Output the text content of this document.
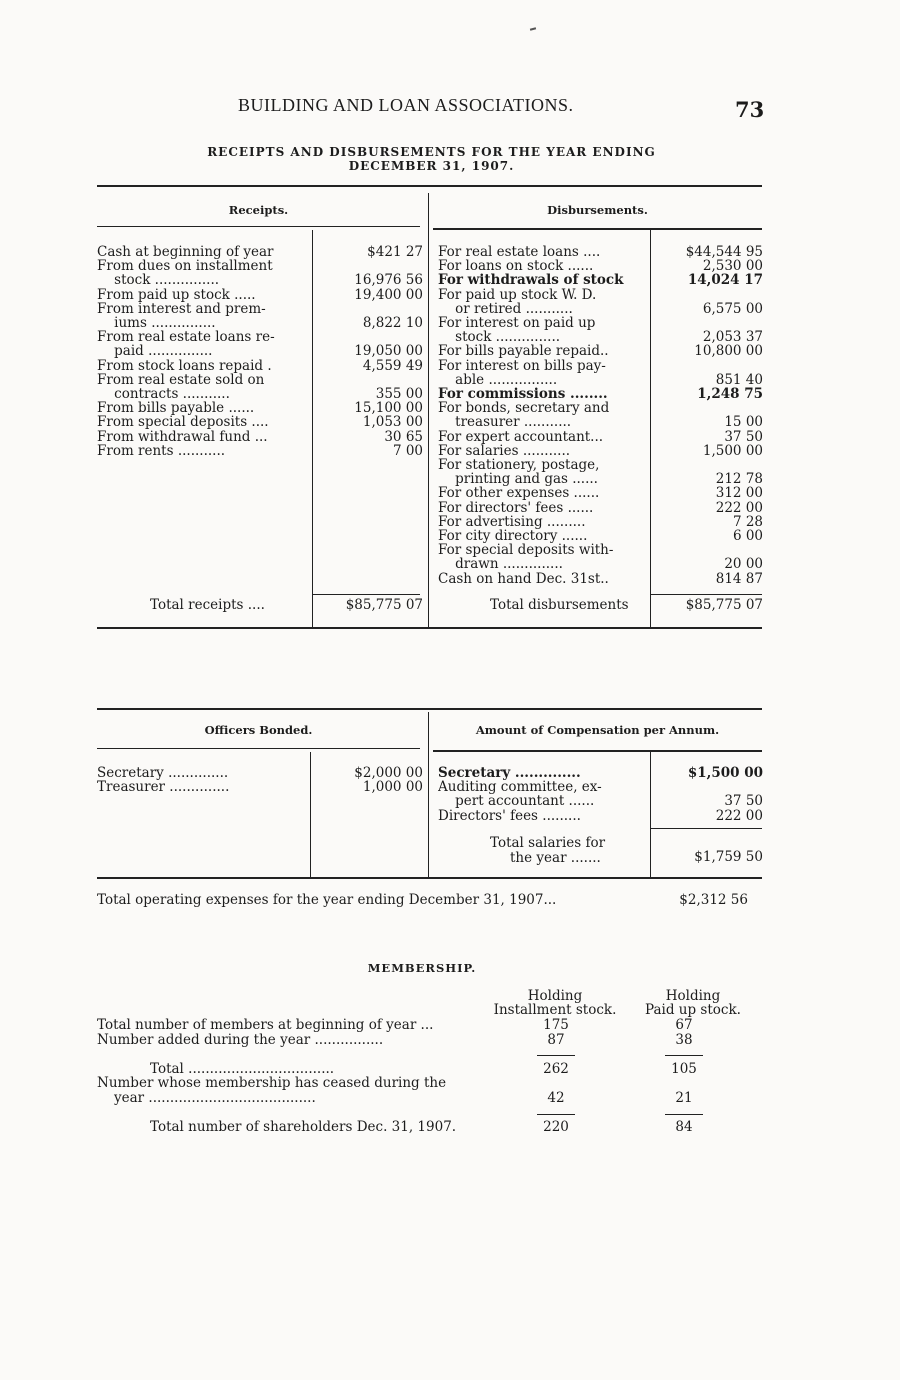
BUILDING AND LOAN ASSOCIATIONS.	73
RECEIPTS AND DISBURSEMENTS FOR THE YEAR ENDING
DECEMBER 31, 1907.
Receipts.	Disbursements.
Cash at beginning of year	$421 27
From dues on installment
stock ...............	16,976 56
From paid up stock .....	19,400 00
From interest and prem-
iums ...............	8,822 10
From real estate loans re-
paid ...............	19,050 00
From stock loans repaid .	4,559 49
From real estate sold on
contracts ...........	355 00
From bills payable ......	15,100 00
From special deposits ....	1,053 00
From withdrawal fund ...	30 65
From rents ...........	7 00
For real estate loans ....	$44,544 95
For loans on stock ......	2,530 00
For withdrawals of stock	14,024 17
For paid up stock W. D.
or retired ...........	6,575 00
For interest on paid up
stock ...............	2,053 37
For bills payable repaid..	10,800 00
For interest on bills pay-
able ................	851 40
For commissions ........	1,248 75
For bonds, secretary and
treasurer ...........	15 00
For expert accountant...	37 50
For salaries ...........	1,500 00
For stationery, postage,
printing and gas ......	212 78
For other expenses ......	312 00
For directors' fees ......	222 00
For advertising .........	7 28
For city directory ......	6 00
For special deposits with-
drawn ..............	20 00
Cash on hand Dec. 31st..	814 87
Total receipts ....	$85,775 07	Total disbursements	$85,775 07
Officers Bonded.	Amount of Compensation per Annum.
Secretary ..............	$2,000 00
Treasurer ..............	1,000 00
Secretary ..............	$1,500 00
Auditing committee, ex-
pert accountant ......	37 50
Directors' fees .........	222 00
Total salaries for
the year .......	$1,759 50
Total operating expenses for the year ending December 31, 1907...	$2,312 56
MEMBERSHIP.
Holding
Installment stock.
Holding
Paid up stock.
Total number of members at beginning of year ...	175	67
Number added during the year ................	87	38
Total ..................................	262	105
Number whose membership has ceased during the
year .......................................	42	21
Total number of shareholders Dec. 31, 1907.	220	84
